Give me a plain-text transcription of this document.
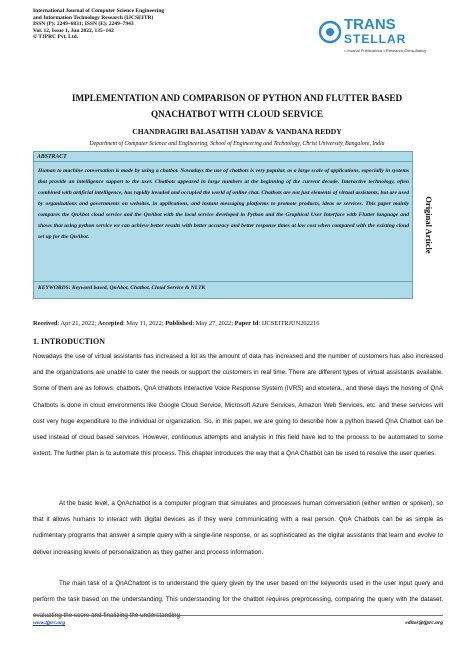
International Journal of Computer Science Engineering
and Information Technology Research (IJCSEITR)
ISSN (P): 2249–6831; ISSN (E): 2249–7943
Vol. 12, Issue 1, Jun 2022, 135–142
© TJPRC Pvt. Ltd.
TRANS
STELLAR
• Journal Publications • Research Consultancy
IMPLEMENTATION AND COMPARISON OF PYTHON AND FLUTTER BASED
QNACHATBOT WITH CLOUD SERVICE
CHANDRAGIRI BALASATISH YADAV & VANDANA REDDY
Department of Computer Science and Engineering, School of Engineering and Technology, Christ University, Bangalore, India
ABSTRACT
Human to machine conversation is made by using a chatbot. Nowadays the use of chatbots is very popular, as a large scale of applications, especially in systems that provide an intelligence support to the user. Chatbots appeared in large numbers at the beginning of the current decade. Interactive technology, often combined with artificial intelligence, has rapidly invaded and occupied the world of online chat. Chatbots are not just elements of virtual assistants, but are used by organizations and governments on websites, in applications, and instant messaging platforms to promote products, ideas or services. This paper mainly compares the QnAbot cloud service and the QnAbot with the local service developed in Python and the Graphical User Interface with Flutter language and shows that using python service we can achieve better results with better accuracy and better response times at low cost when compared with the existing cloud set up for the QnAbot.
KEYWORDS: Keyword based, QnAbot, Chatbot, Cloud Service & NLTK
Original Article
Received: Apr 21, 2022; Accepted: May 11, 2022; Published: May 27, 2022; Paper Id: IJCSEITRJUN202216
1. INTRODUCTION
Nowadays the use of virtual assistants has increased a lot as the amount of data has increased and the number of customers has also increased and the organizations are unable to cater the needs or support the customers in real time. There are different types of virtual assistants available. Some of them are as follows: chatbots, QnA chatbots Interactive Voice Response System (IVRS) and etcetera., and these days the hosting of QnA Chatbots is done in cloud environments like Google Cloud Service, Microsoft Azure Services, Amazon Web Services, etc. and these services will cost very huge expenditure to the individual or organization. So, in this paper, we are going to describe how a python based QnA Chatbot can be used instead of cloud based services. However, continuous attempts and analysis in this field have led to the process to be automated to some extent. The further plan is to automate this process. This chapter introduces the way that a QnA Chatbot can be used to resolve the user queries.
At the basic level, a QnAchatbot is a computer program that simulates and processes human conversation (either written or spoken), so that it allows humans to interact with digital devices as if they were communicating with a real person. QnA Chatbots can be as simple as rudimentary programs that answer a simple query with a single-line response, or as sophisticated as the digital assistants that learn and evolve to deliver increasing levels of personalization as they gather and process information.
The main task of a QnAChatbot is to understand the query given by the user based on the keywords used in the user input query and perform the task based on the understanding. This understanding for the chatbot requires preprocessing, comparing the query with the dataset, evaluating the score and finalizing the understanding
www.tjprc.org	editor@tjprc.org
